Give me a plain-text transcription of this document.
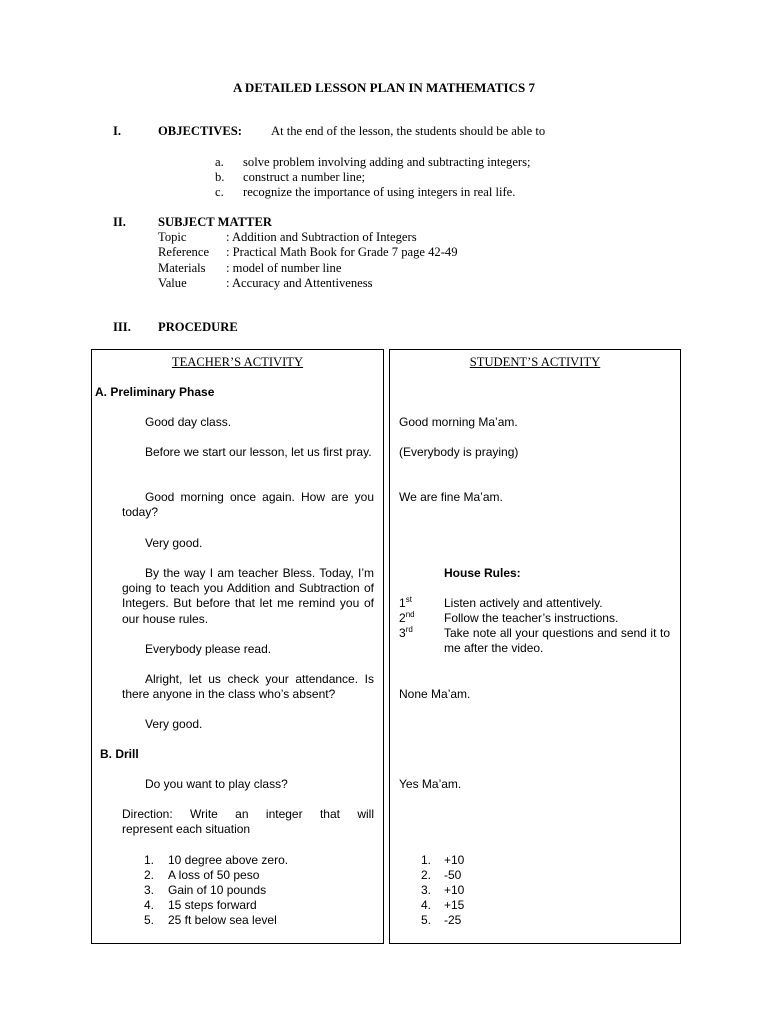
A DETAILED LESSON PLAN IN MATHEMATICS 7
I.	OBJECTIVES: At the end of the lesson, the students should be able to
a. solve problem involving adding and subtracting integers;
b. construct a number line;
c. recognize the importance of using integers in real life.
II.	SUBJECT MATTER
Topic	: Addition and Subtraction of Integers
Reference : Practical Math Book for Grade 7 page 42-49
Materials : model of number line
Value	: Accuracy and Attentiveness
III. PROCEDURE
TEACHER’S ACTIVITY
A. Preliminary Phase
Good day class.
Before we start our lesson, let us first pray.
Good morning once again. How are you today?
Very good.
By the way I am teacher Bless. Today, I’m going to teach you Addition and Subtraction of Integers. But before that let me remind you of our house rules.
Everybody please read.
Alright, let us check your attendance. Is there anyone in the class who’s absent?
Very good.
B. Drill
Do you want to play class?
Direction: Write an integer that will
represent each situation
1. 10 degree above zero.
2. A loss of 50 peso
3. Gain of 10 pounds
4. 15 steps forward
5. 25 ft below sea level
STUDENT’S ACTIVITY
Good morning Ma’am.
(Everybody is praying)
We are fine Ma’am.
House Rules:
1st	Listen actively and attentively.
2nd Follow the teacher’s instructions.
3rd	Take note all your questions and send it to me after the video.
None Ma’am.
Yes Ma’am.
1. +10
2. -50
3. +10
4. +15
5. -25
